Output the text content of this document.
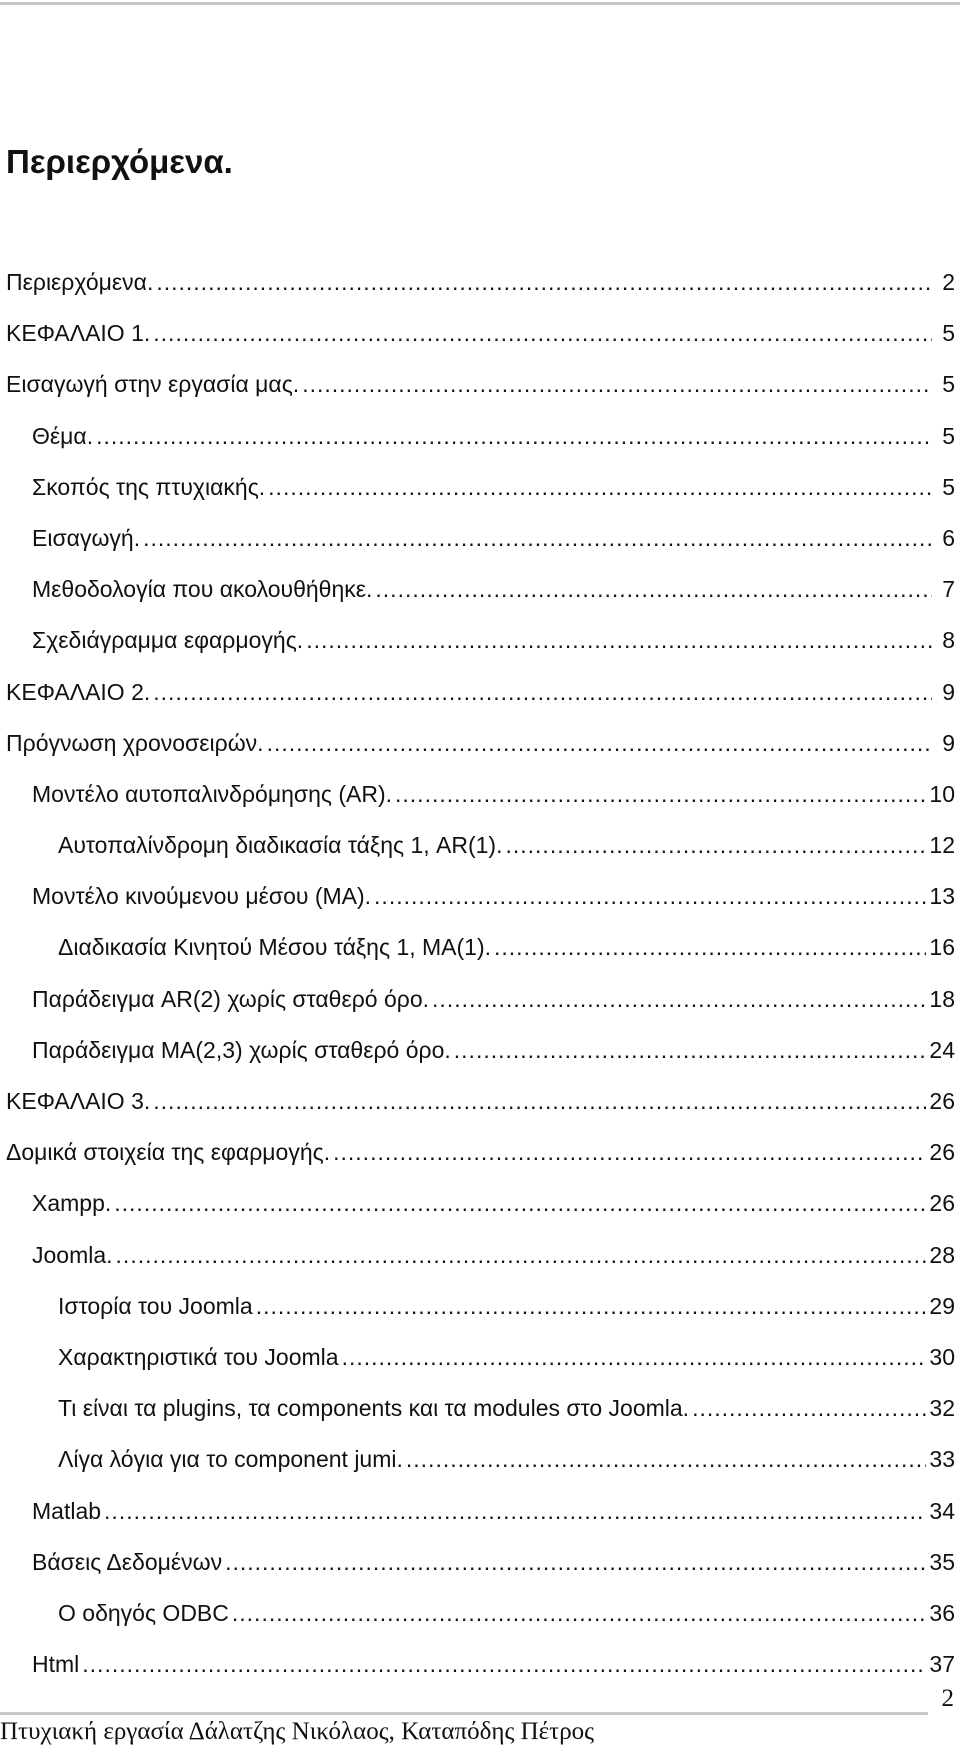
Περιερχόμενα.
Περιερχόμενα. .....	2
ΚΕΦΑΛΑΙΟ 1. .....	5
Εισαγωγή στην εργασία μας. .....	5
Θέμα. .....	5
Σκοπός της πτυχιακής. .....	5
Εισαγωγή. .....	6
Μεθοδολογία που ακολουθήθηκε. .....	7
Σχεδιάγραμμα εφαρμογής. .....	8
ΚΕΦΑΛΑΙΟ 2. .....	9
Πρόγνωση χρονοσειρών. .....	9
Μοντέλο αυτοπαλινδρόμησης (AR). .....	10
Αυτοπαλίνδρομη διαδικασία τάξης 1, AR(1). .....	12
Μοντέλο κινούμενου μέσου (MA). .....	13
Διαδικασία Κινητού Μέσου τάξης 1, MA(1). .....	16
Παράδειγμα AR(2) χωρίς σταθερό όρο. .....	18
Παράδειγμα MA(2,3) χωρίς σταθερό όρο. .....	24
ΚΕΦΑΛΑΙΟ 3. .....	26
Δομικά στοιχεία της εφαρμογής. .....	26
Xampp. .....	26
Joomla. .....	28
Ιστορία του Joomla .....	29
Χαρακτηριστικά του Joomla .....	30
Τι είναι τα plugins, τα components και τα modules στο Joomla. .....	32
Λίγα λόγια για το component jumi. .....	33
Matlab .....	34
Βάσεις Δεδομένων .....	35
Ο οδηγός ODBC .....	36
Html .....	37
2
Πτυχιακή εργασία Δάλατζης Νικόλαος, Καταπόδης Πέτρος
